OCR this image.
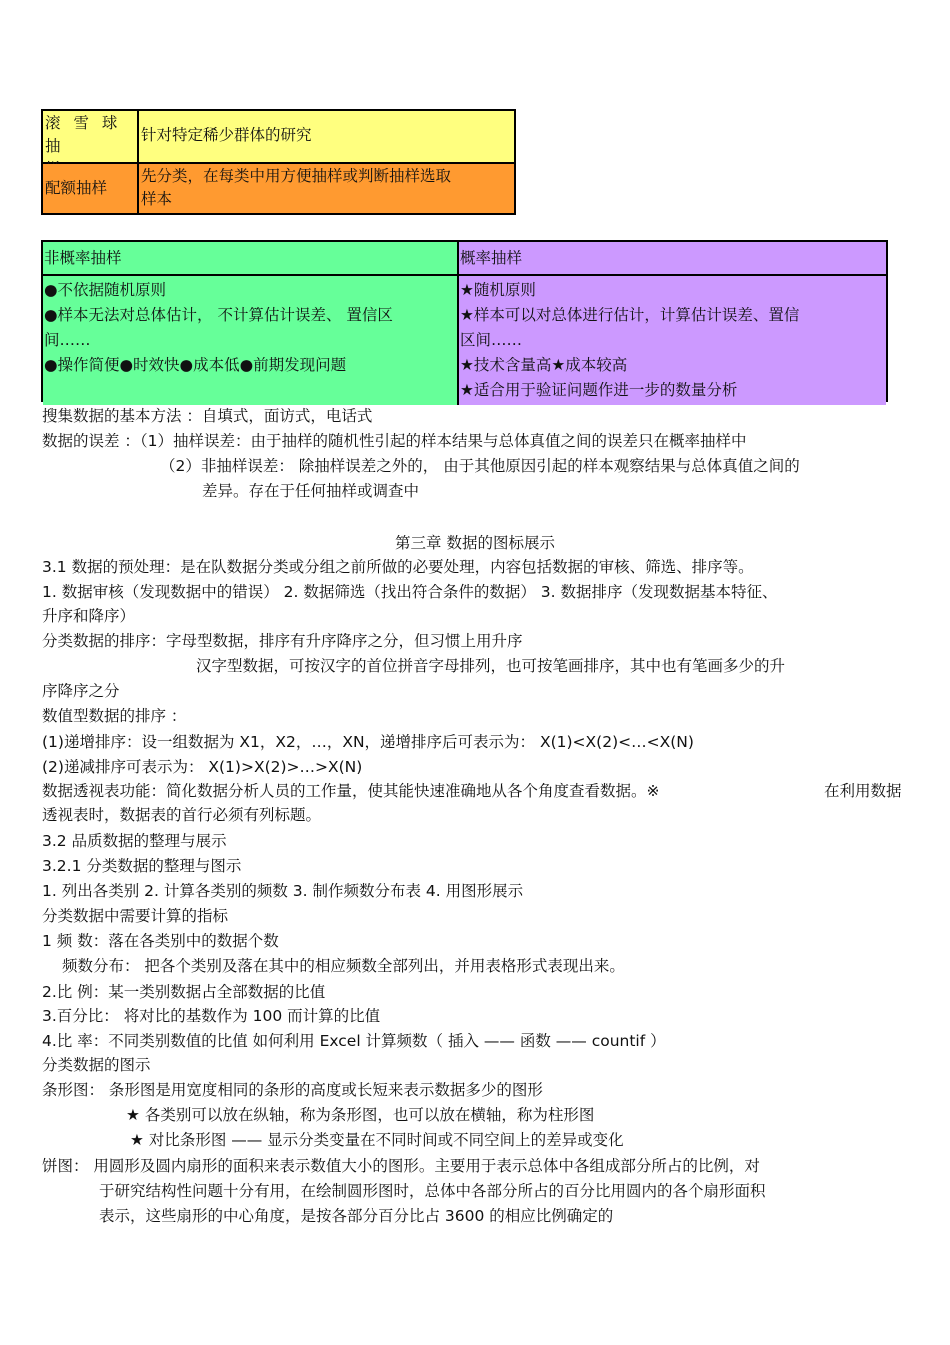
滚 雪 球 抽

针对特定稀少群体的研究
配额抽样
先分类，在每类中用方便抽样或判断抽样选取
样本
非概率抽样	概率抽样
●不依据随机原则
●样本无法对总体估计， 不计算估计误差、 置信区
间……
●操作简便●时效快●成本低●前期发现问题
★随机原则
★样本可以对总体进行估计，计算估计误差、置信
区间……
★技术含量高★成本较高
★适合用于验证问题作进一步的数量分析
搜集数据的基本方法 ：自填式，面访式，电话式
数据的误差 ：（1）抽样误差：由于抽样的随机性引起的样本结果与总体真值之间的误差只在概率抽样中
（2）非抽样误差： 除抽样误差之外的， 由于其他原因引起的样本观察结果与总体真值之间的
差异。存在于任何抽样或调查中
第三章 数据的图标展示
3.1 数据的预处理：是在队数据分类或分组之前所做的必要处理，内容包括数据的审核、筛选、排序等。
1. 数据审核（发现数据中的错误） 2. 数据筛选（找出符合条件的数据） 3. 数据排序（发现数据基本特征、
升序和降序）
分类数据的排序：字母型数据，排序有升序降序之分，但习惯上用升序
汉字型数据，可按汉字的首位拼音字母排列，也可按笔画排序，其中也有笔画多少的升
序降序之分
数值型数据的排序 ：
(1)递增排序：设一组数据为 X1，X2，…，XN，递增排序后可表示为： X(1)<X(2)<…<X(N)
(2)递减排序可表示为： X(1)>X(2)>…>X(N)
数据透视表功能：简化数据分析人员的工作量，使其能快速准确地从各个角度查看数据。※	在利用数据
透视表时，数据表的首行必须有列标题。
3.2 品质数据的整理与展示
3.2.1 分类数据的整理与图示
1. 列出各类别 2. 计算各类别的频数 3. 制作频数分布表 4. 用图形展示
分类数据中需要计算的指标
1 频 数：落在各类别中的数据个数
频数分布： 把各个类别及落在其中的相应频数全部列出，并用表格形式表现出来。
2.比 例：某一类别数据占全部数据的比值
3.百分比： 将对比的基数作为 100 而计算的比值
4.比 率：不同类别数值的比值 如何利用 Excel 计算频数（ 插入 —— 函数 —— countif ）
分类数据的图示
条形图： 条形图是用宽度相同的条形的高度或长短来表示数据多少的图形
★ 各类别可以放在纵轴，称为条形图，也可以放在横轴，称为柱形图
★ 对比条形图 —— 显示分类变量在不同时间或不同空间上的差异或变化
饼图： 用圆形及圆内扇形的面积来表示数值大小的图形。主要用于表示总体中各组成部分所占的比例，对
于研究结构性问题十分有用，在绘制圆形图时，总体中各部分所占的百分比用圆内的各个扇形面积
表示，这些扇形的中心角度，是按各部分百分比占 3600 的相应比例确定的
